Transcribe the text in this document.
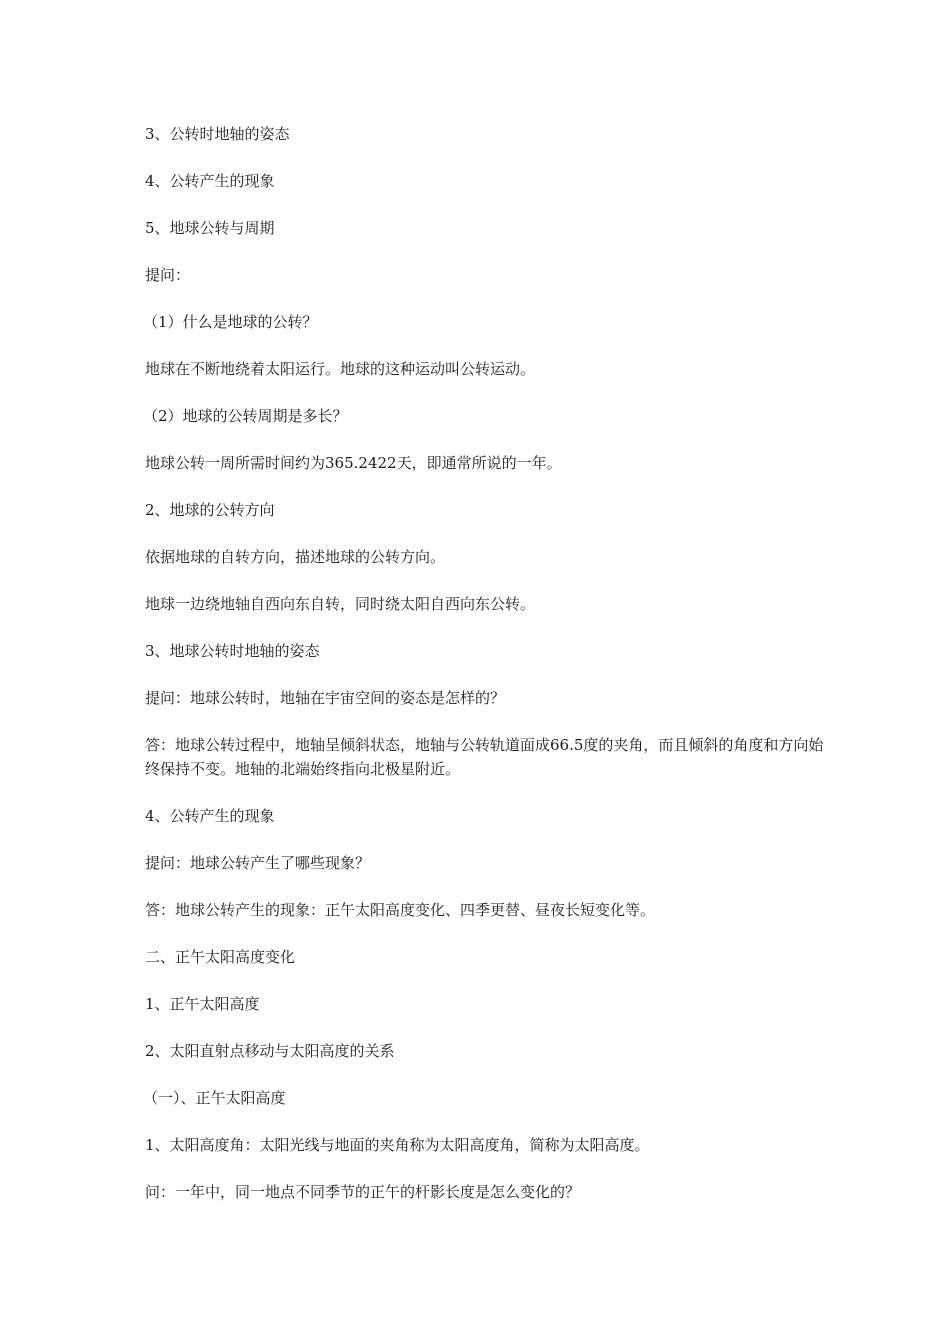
3、公转时地轴的姿态

4、公转产生的现象

5、地球公转与周期

提问：

（1）什么是地球的公转？

地球在不断地绕着太阳运行。地球的这种运动叫公转运动。

（2）地球的公转周期是多长？

地球公转一周所需时间约为365.2422天，即通常所说的一年。

2、地球的公转方向

依据地球的自转方向，描述地球的公转方向。

地球一边绕地轴自西向东自转，同时绕太阳自西向东公转。

3、地球公转时地轴的姿态

提问：地球公转时，地轴在宇宙空间的姿态是怎样的？

答：地球公转过程中，地轴呈倾斜状态，地轴与公转轨道面成66.5度的夹角，而且倾斜的角度和方向始终保持不变。地轴的北端始终指向北极星附近。

4、公转产生的现象

提问：地球公转产生了哪些现象？

答：地球公转产生的现象：正午太阳高度变化、四季更替、昼夜长短变化等。

二、正午太阳高度变化

1、正午太阳高度

2、太阳直射点移动与太阳高度的关系

（一）、正午太阳高度

1、太阳高度角：太阳光线与地面的夹角称为太阳高度角，简称为太阳高度。

问：一年中，同一地点不同季节的正午的杆影长度是怎么变化的？
